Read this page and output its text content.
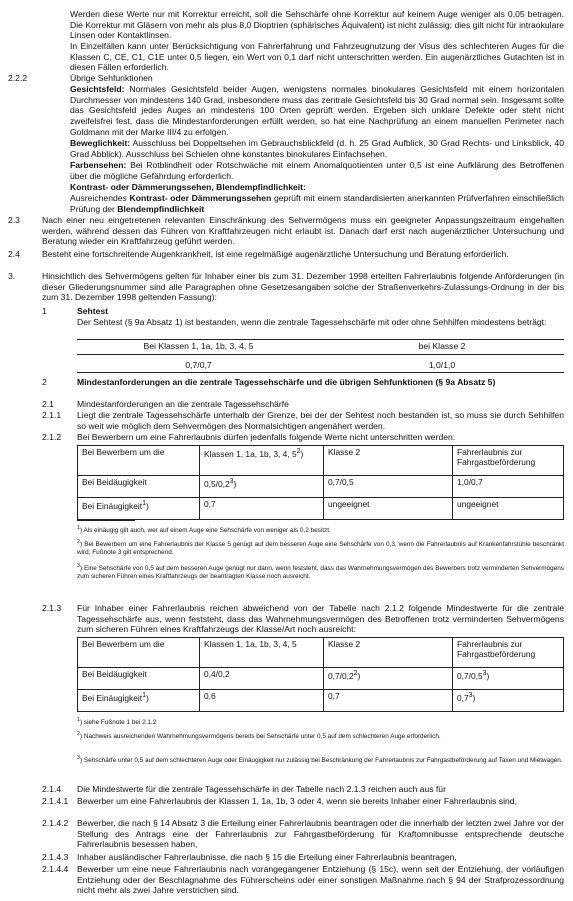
Werden diese Werte nur mit Korrektur erreicht, soll die Sehschärfe ohne Korrektur auf keinem Auge weniger als 0,05 betragen. Die Korrektur mit Gläsern von mehr als plus 8,0 Dioptrien (sphärisches Äquivalent) ist nicht zulässig; dies gilt nicht für intraokulare Linsen oder Kontaktlinsen.

In Einzelfällen kann unter Berücksichtigung von Fahrerfahrung und Fahrzeugnutzung der Visus des schlechteren Auges für die Klassen C, CE, C1, C1E unter 0,5 liegen, ein Wert von 0,1 darf nicht unterschritten werden. Ein augenärztliches Gutachten ist in diesen Fällen erforderlich.

2.2.2	Übrige Sehfunktionen

Gesichtsfeld: Normales Gesichtsfeld beider Augen, wenigstens normales binokulares Gesichtsfeld mit einem horizontalen Durchmesser von mindestens 140 Grad, insbesondere muss das zentrale Gesichtsfeld bis 30 Grad normal sein. Insgesamt sollte das Gesichtsfeld jedes Auges an mindestens 100 Orten geprüft werden. Ergeben sich unklare Defekte oder steht nicht zweifelsfrei fest, dass die Mindestanforderungen erfüllt werden, so hat eine Nachprüfung an einem manuellen Perimeter nach Goldmann mit der Marke III/4 zu erfolgen.

Beweglichkeit: Ausschluss bei Doppeltsehen im Gebrauchsblickfeld (d. h. 25 Grad Aufblick, 30 Grad Rechts- und Linksblick, 40 Grad Abblick). Ausschluss bei Schielen ohne konstantes binokulares Einfachsehen.

Farbensehen: Bei Rotblindheit oder Rotschwäche mit einem Anomalquotienten unter 0,5 ist eine Aufklärung des Betroffenen über die mögliche Gefährdung erforderlich.

Kontrast- oder Dämmerungssehen, Blendempfindlichkeit:

Ausreichendes Kontrast- oder Dämmerungssehen geprüft mit einem standardisierten anerkannten Prüfverfahren einschließlich Prüfung der Blendempfindlichkeit

2.3	Nach einer neu eingetretenen relevanten Einschränkung des Sehvermögens muss ein geeigneter Anpassungszeitraum eingehalten werden, während dessen das Führen von Kraftfahrzeugen nicht erlaubt ist. Danach darf erst nach augenärztlicher Untersuchung und Beratung wieder ein Kraftfahrzeug geführt werden.

2.4	Besteht eine fortschreitende Augenkrankheit, ist eine regelmäßige augenärztliche Untersuchung und Beratung erforderlich.

3.	Hinsichtlich des Sehvermögens gelten für Inhaber einer bis zum 31. Dezember 1998 erteilten Fahrerlaubnis folgende Anforderungen (in dieser Gliederungsnummer sind alle Paragraphen ohne Gesetzesangaben solche der Straßenverkehrs-Zulassungs-Ordnung in der bis zum 31. Dezember 1998 geltenden Fassung):

1	Sehtest

Der Sehtest (§ 9a Absatz 1) ist bestanden, wenn die zentrale Tagessehschärfe mit oder ohne Sehhilfen mindestens beträgt:

Bei Klassen 1, 1a, 1b, 3, 4, 5	bei Klasse 2
0,7/0,7	1,0/1,0
2	Mindestanforderungen an die zentrale Tagessehschärfe und die übrigen Sehfunktionen (§ 9a Absatz 5)

2.1	Mindestanforderungen an die zentrale Tagessehschärfe

2.1.1 Liegt die zentrale Tagessehschärfe unterhalb der Grenze, bei der der Sehtest noch bestanden ist, so muss sie durch Sehhilfen so weit wie möglich dem Sehvermögen des Normalsichtigen angenähert werden.

2.1.2 Bei Bewerbern um eine Fahrerlaubnis dürfen jedenfalls folgende Werte nicht unterschritten werden:

Bei Bewerbern um die	Klassen 1, 1a, 1b, 3, 4, $5^2$)	Klasse 2	Fahrerlaubnis zur Fahrgastbeförderung
Bei Beidäugigkeit	$0,5/0,2^3$)	0,7/0,5	1,0/0,7
Bei Einäugigkeit$^1$)	0,7	ungeeignet	ungeeignet

$^1$) Als einäugig gilt auch, wer auf einem Auge eine Sehschärfe von weniger als 0,2 besitzt.

$^2$) Bei Bewerbern um eine Fahrerlaubnis der Klasse 5 genügt auf dem besseren Auge eine Sehschärfe von 0,3, wenn die Fahrerlaubnis auf Krankenfahrstühle beschränkt wird; Fußnote 3 gilt entsprechend.

$^3$) Eine Sehschärfe von 0,5 auf dem besseren Auge genügt nur dann, wenn feststeht, dass das Wahrnehmungsvermögen des Bewerbers trotz verminderten Sehvermögens zum sicheren Führen eines Kraftfahrzeugs der beantragten Klasse noch ausreicht.

2.1.3 Für Inhaber einer Fahrerlaubnis reichen abweichend von der Tabelle nach 2.1.2 folgende Mindestwerte für die zentrale Tagessehschärfe aus, wenn feststeht, dass das Wahrnehmungsvermögen des Betroffenen trotz verminderten Sehvermögens zum sicheren Führen eines Kraftfahrzeugs der Klasse/Art noch ausreicht:

Bei Bewerbern um die	Klassen 1, 1a, 1b, 3, 4, 5	Klasse 2	Fahrerlaubnis zur Fahrgastbeförderung
Bei Beidäugigkeit	0,4/0,2	$0,7/0,2^2$)	$0,7/0,5^3$)
Bei Einäugigkeit$^1$)	0,6	0,7	$0,7^3$)

$^1$) siehe Fußnote 1 bei 2.1.2

$^2$) Nachweis ausreichenden Wahrnehmungsvermögens bereits bei Sehschärfe unter 0,5 auf dem schlechteren Auge erforderlich.

$^3$) Sehschärfe unter 0,5 auf dem schlechteren Auge oder Einäugigkeit nur zulässig bei Beschränkung der Fahrerlaubnis zur Fahrgastbeförderung auf Taxen und Mietwagen.

2.1.4 Die Mindestwerte für die zentrale Tagessehschärfe in der Tabelle nach 2.1.3 reichen auch aus für

2.1.4.1 Bewerber um eine Fahrerlaubnis der Klassen 1, 1a, 1b, 3 oder 4, wenn sie bereits Inhaber einer Fahrerlaubnis sind,

2.1.4.2 Bewerber, die nach § 14 Absatz 3 die Erteilung einer Fahrerlaubnis beantragen oder die innerhalb der letzten zwei Jahre vor der Stellung des Antrags eine der Fahrerlaubnis zur Fahrgastbeförderung für Kraftomnibusse entsprechende deutsche Fahrerlaubnis besessen haben,

2.1.4.3 Inhaber ausländischer Fahrerlaubnisse, die nach § 15 die Erteilung einer Fahrerlaubnis beantragen,

2.1.4.4 Bewerber um eine neue Fahrerlaubnis nach vorangegangener Entziehung (§ 15c), wenn seit der Entziehung, der vorläufigen Entziehung oder der Beschlagnahme des Führerscheins oder einer sonstigen Maßnahme nach § 94 der Strafprozessordnung nicht mehr als zwei Jahre verstrichen sind.
